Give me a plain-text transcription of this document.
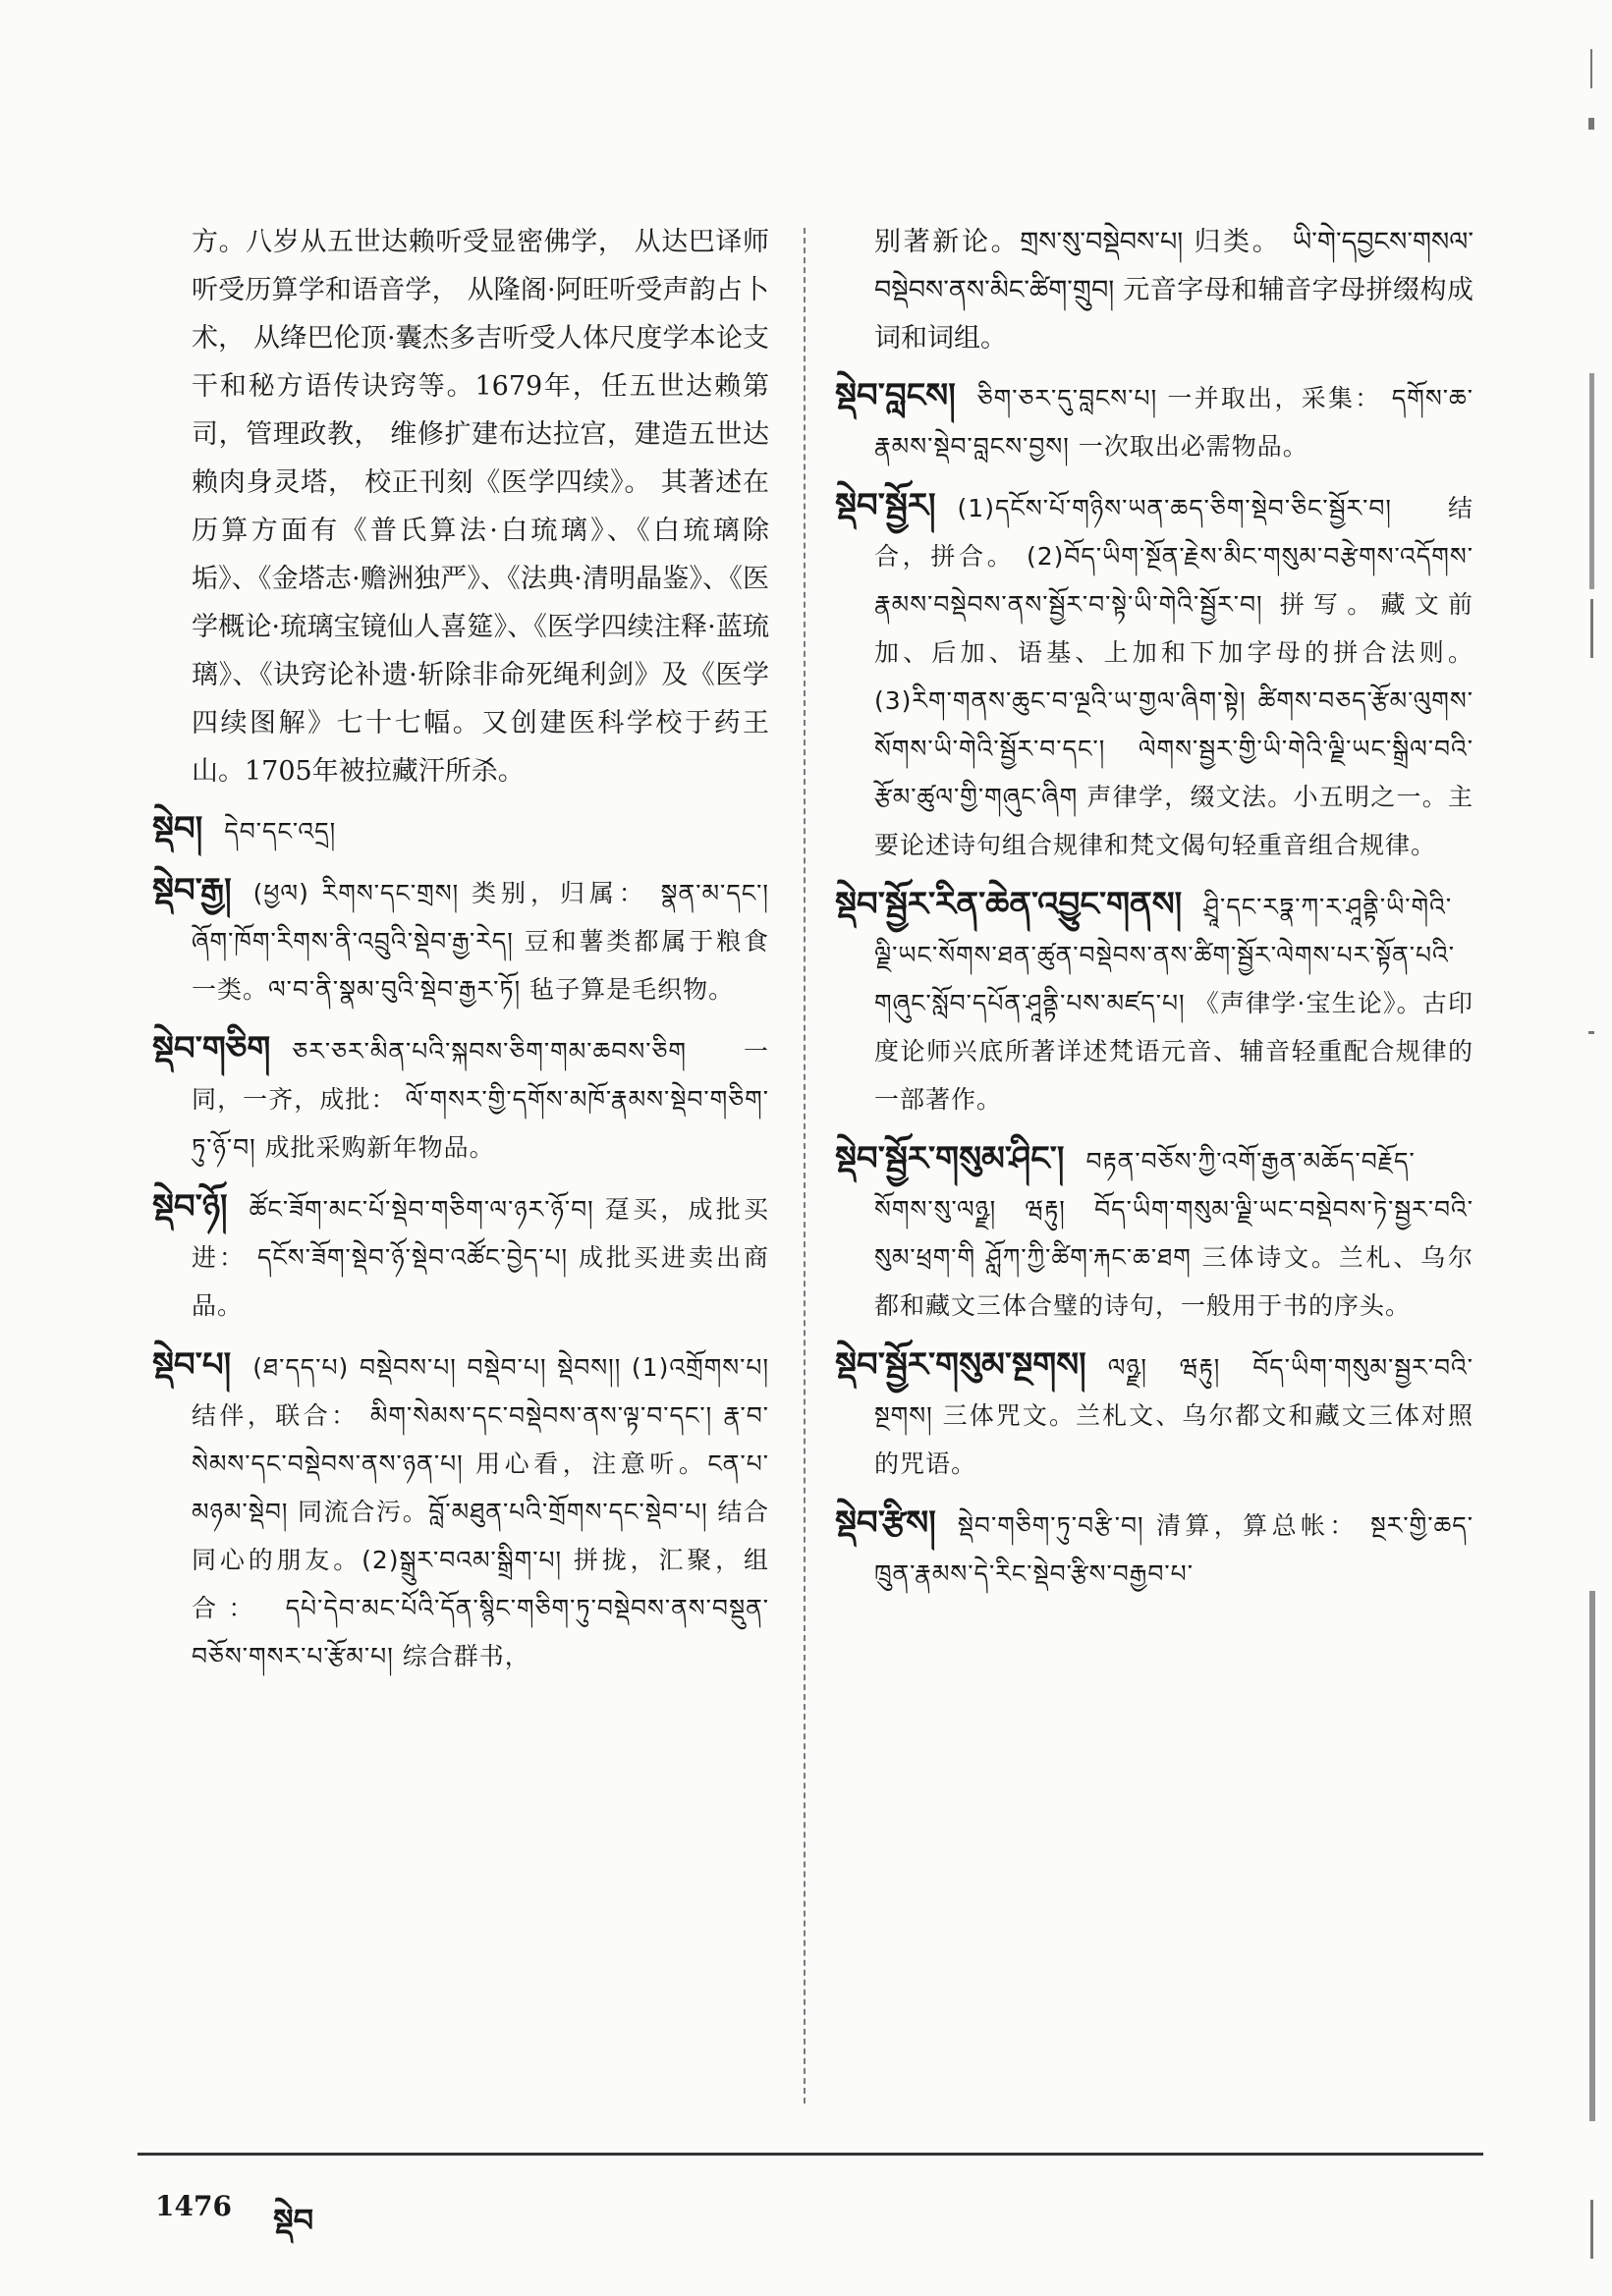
方。八岁从五世达赖听受显密佛学， 从达巴译师听受历算学和语音学， 从隆阁·阿旺听受声韵占卜术， 从绛巴伦顶·囊杰多吉听受人体尺度学本论支干和秘方语传诀窍等。1679年，任五世达赖第司，管理政教， 维修扩建布达拉宫，建造五世达赖肉身灵塔， 校正刊刻《医学四续》。 其著述在历算方面有《普氏算法·白琉璃》、《白琉璃除垢》、《金塔志·赡洲独严》、《法典·清明晶鉴》、《医学概论·琉璃宝镜仙人喜筵》、《医学四续注释·蓝琉璃》、《诀窍论补遗·斩除非命死绳利剑》及《医学四续图解》七十七幅。又创建医科学校于药王山。1705年被拉藏汗所杀。

སྡེབ། དེབ་དང་འདྲ།

སྡེབ་རྒྱ། (ཕྱལ) རིགས་དང་གྲས། 类别，归属： སྣན་མ་དང་། ཞོག་ཁོག་རིགས་ནི་འབྲུའི་སྡེབ་རྒྱ་རེད། 豆和薯类都属于粮食一类。ལ་བ་ནི་སྣམ་བུའི་སྡེབ་རྒྱར་ཏོ། 毡子算是毛织物。

སྡེབ་གཅིག ཅར་ཅར་མིན་པའི་སྐབས་ཅིག་གམ་ཆབས་ཅིག 一同，一齐，成批： ལོ་གསར་གྱི་དགོས་མཁོ་རྣམས་སྡེབ་གཅིག་ཏུ་ཉོ་བ། 成批采购新年物品。

སྡེབ་ཉོ། ཚོང་ཟོག་མང་པོ་སྡེབ་གཅིག་ལ་ཉར་ཉོ་བ། 趸买，成批买进： དངོས་ཟོག་སྡེབ་ཉོ་སྡེབ་འཚོང་བྱེད་པ། 成批买进卖出商品。

སྡེབ་པ། (ཐ་དད་པ) བསྡེབས་པ། བསྡེབ་པ། སྡེབས།། (1)འགྲོགས་པ། 结伴，联合： མིག་སེམས་དང་བསྡེབས་ནས་ལྟ་བ་དང་། རྣ་བ་སེམས་དང་བསྡེབས་ནས་ཉན་པ། 用心看，注意听。ངན་པ་མཉམ་སྡེབ། 同流合污。བློ་མཐུན་པའི་གྲོགས་དང་སྡེབ་པ། 结合同心的朋友。(2)སྒྲུར་བའམ་སྒྲིག་པ། 拼拢，汇聚，组合： དཔེ་དེབ་མང་པོའི་དོན་སྙིང་གཅིག་ཏུ་བསྡེབས་ནས་བསྡུན་བཅོས་གསར་པ་རྩོམ་པ། 综合群书，

别著新论。གྲས་སུ་བསྡེབས་པ། 归类。 ཡི་གེ་དབྱངས་གསལ་བསྡེབས་ནས་མིང་ཚིག་གྲུབ། 元音字母和辅音字母拼缀构成词和词组。

སྡེབ་བླངས། ཅིག་ཅར་དུ་བླངས་པ། 一并取出，采集： དགོས་ཆ་རྣམས་སྡེབ་བླངས་བྱས། 一次取出必需物品。

སྡེབ་སྦྱོར། (1)དངོས་པོ་གཉིས་ཡན་ཆད་ཅིག་སྡེབ་ཅིང་སྦྱོར་བ། 结合，拼合。 (2)བོད་ཡིག་སྔོན་རྗེས་མིང་གསུམ་བརྩེགས་འདོགས་རྣམས་བསྡེབས་ནས་སྦྱོར་བ་སྟེ་ཡི་གེའི་སྦྱོར་བ། 拼写。藏文前加、后加、语基、上加和下加字母的拼合法则。(3)རིག་གནས་ཆུང་བ་ལྔའི་ཡ་གྱལ་ཞིག་སྟེ། ཚིགས་བཅད་རྩོམ་ལུགས་སོགས་ཡི་གེའི་སྦྱོར་བ་དང་། ལེགས་སྦྱར་གྱི་ཡི་གེའི་ལྗི་ཡང་སྒྲིལ་བའི་རྩོམ་ཚུལ་གྱི་གཞུང་ཞིག 声律学，缀文法。小五明之一。主要论述诗句组合规律和梵文偈句轻重音组合规律。

སྡེབ་སྦྱོར་རིན་ཆེན་འབྱུང་གནས། ཤྲཱི་དང་རཏྣ་ཀ་ར་ཤཱནྟི་ཡི་གེའི་ལྗི་ཡང་སོགས་ཐན་ཚུན་བསྡེབས་ནས་ཚིག་སྦྱོར་ལེགས་པར་སྟོན་པའི་གཞུང་སློབ་དཔོན་ཤཱནྟི་པས་མཛད་པ། 《声律学·宝生论》。古印度论师兴底所著详述梵语元音、辅音轻重配合规律的一部著作。

སྡེབ་སྦྱོར་གསུམ་ཤིང་། བརྟན་བཅོས་ཀྱི་འགོ་རྒྱན་མཆོད་བརྗོད་སོགས་སུ་ལཉྫ། ཝརྟུ། བོད་ཡིག་གསུམ་ལྗི་ཡང་བསྡེབས་ཏེ་སྦྱར་བའི་སུམ་ཕྲག་གི ཤློཀ་ཀྱི་ཚིག་རྐང་ཆ་ཐག 三体诗文。兰札、乌尔都和藏文三体合璧的诗句，一般用于书的序头。

སྡེབ་སྦྱོར་གསུམ་སྔགས། ལཉྫ། ཝརྟུ། བོད་ཡིག་གསུམ་སྦྱར་བའི་སྔགས། 三体咒文。兰札文、乌尔都文和藏文三体对照的咒语。

སྡེབ་རྩིས། སྡེབ་གཅིག་ཏུ་བརྩི་བ། 清算，算总帐： སྔར་གྱི་ཆད་ཁྲུན་རྣམས་དེ་རིང་སྡེབ་རྩིས་བརྒྱབ་པ་

1476 སྡེབ
